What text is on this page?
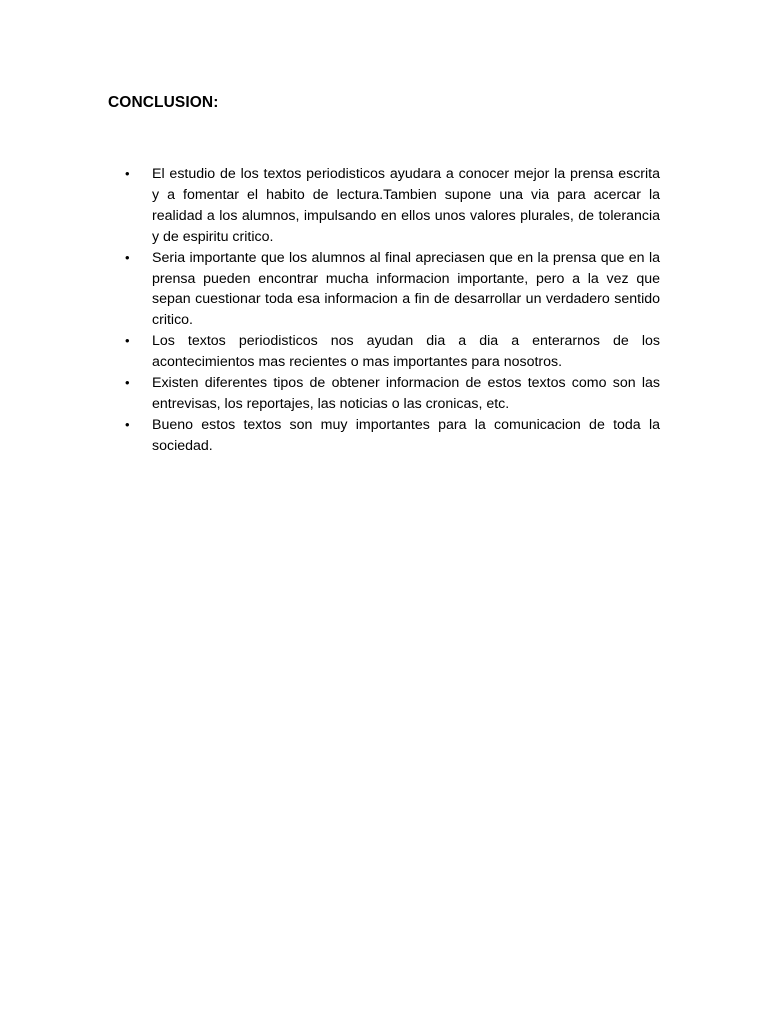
CONCLUSION:
• El estudio de los textos periodisticos ayudara a conocer mejor la prensa escrita y a fomentar el habito de lectura.Tambien supone una via para acercar la realidad a los alumnos, impulsando en ellos unos valores plurales, de tolerancia y de espiritu critico.
• Seria importante que los alumnos al final apreciasen que en la prensa que en la prensa pueden encontrar mucha informacion importante, pero a la vez que sepan cuestionar toda esa informacion a fin de desarrollar un verdadero sentido critico.
• Los textos periodisticos nos ayudan dia a dia a enterarnos de los acontecimientos mas recientes o mas importantes para nosotros.
• Existen diferentes tipos de obtener informacion de estos textos como son las entrevisas, los reportajes, las noticias o las cronicas, etc.
• Bueno estos textos son muy importantes para la comunicacion de toda la sociedad.
